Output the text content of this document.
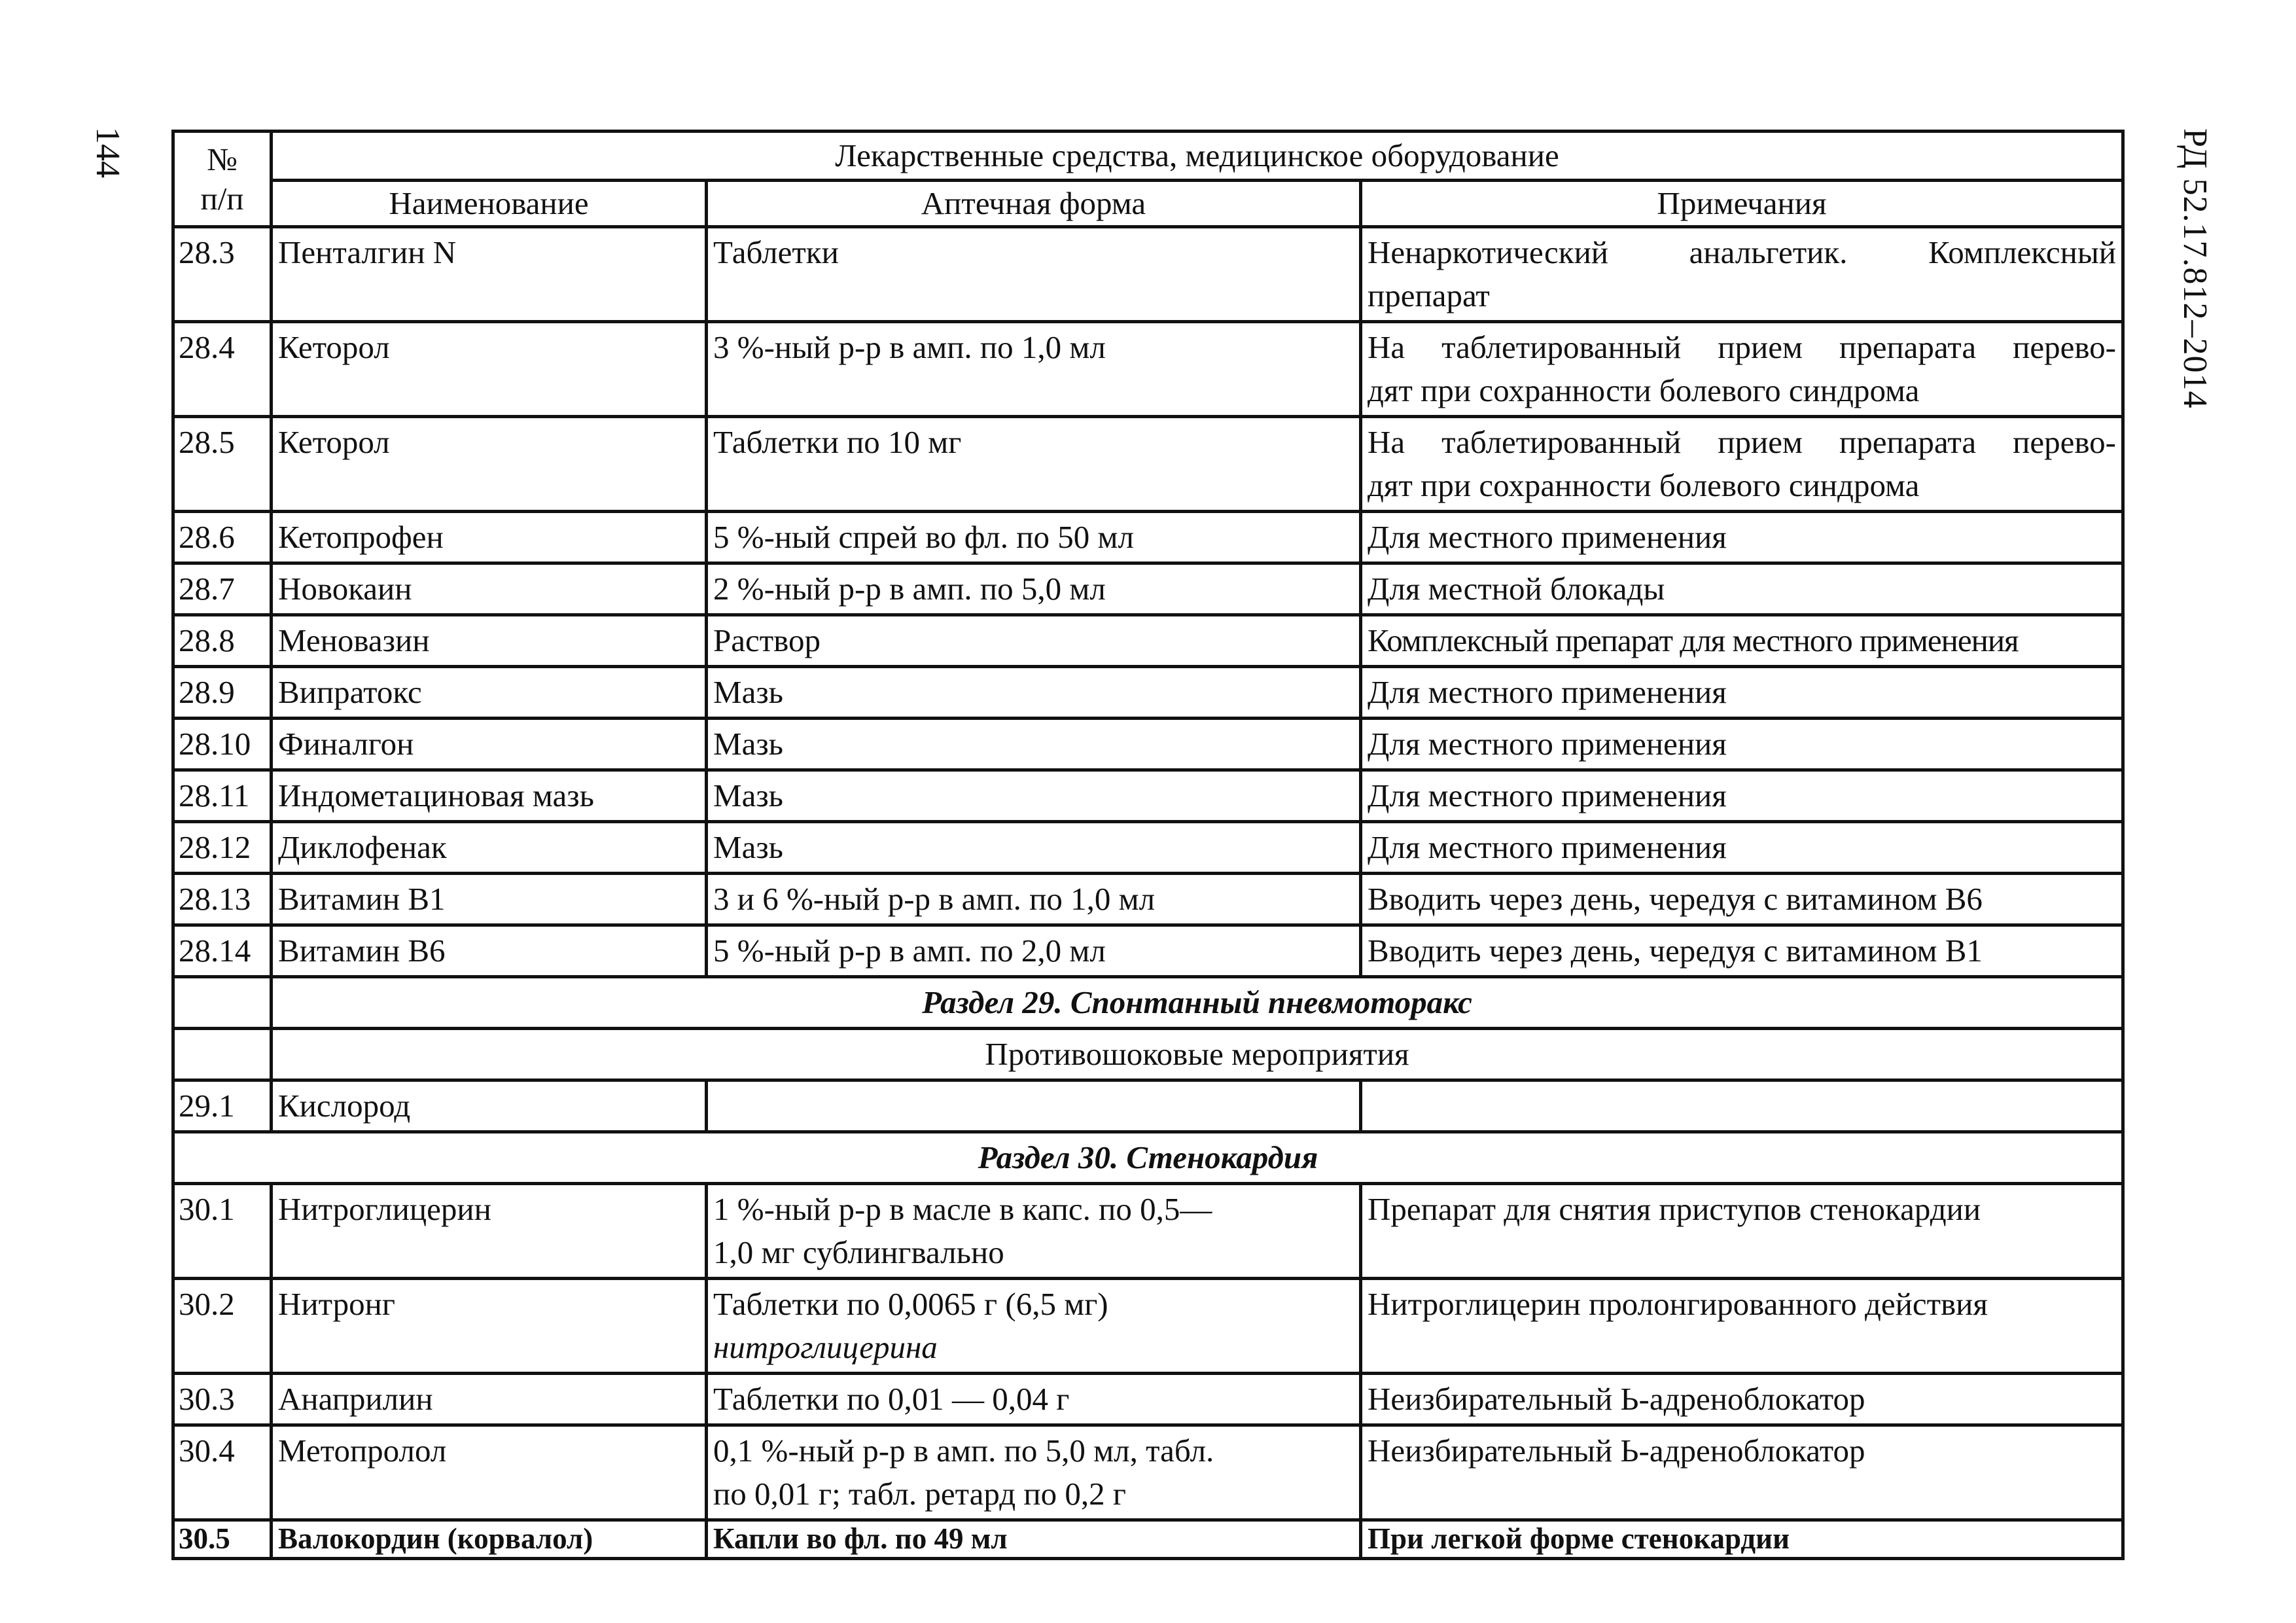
144	РД 52.17.812–2014
№
п/п	Лекарственные средства, медицинское оборудование		
	Наименование	Аптечная форма	Примечания
28.3	Пенталгин N	Таблетки	Ненаркотический анальгетик. Комплексный
препарат

28.4	Кеторол	3 %-ный р-р в амп. по 1,0 мл	На таблетированный прием препарата перево-
дят при сохранности болевого синдрома

28.5	Кеторол	Таблетки по 10 мг	На таблетированный прием препарата перево-
дят при сохранности болевого синдрома

28.6	Кетопрофен	5 %-ный спрей во фл. по 50 мл	Для местного применения
28.7	Новокаин	2 %-ный р-р в амп. по 5,0 мл	Для местной блокады
28.8	Меновазин	Раствор	Комплексный препарат для местного применения
28.9	Випратокс	Мазь	Для местного применения
28.10	Финалгон	Мазь	Для местного применения
28.11	Индометациновая мазь	Мазь	Для местного применения
28.12	Диклофенак	Мазь	Для местного применения
28.13	Витамин B1	3 и 6 %-ный р-р в амп. по 1,0 мл	Вводить через день, чередуя с витамином В6
28.14	Витамин В6	5 %-ный р-р в амп. по 2,0 мл	Вводить через день, чередуя с витамином В1
	Раздел 29. Спонтанный пневмоторакс		
	Противошоковые мероприятия		
29.1	Кислород		
Раздел 30. Стенокардия			
30.1	Нитроглицерин	1 %-ный р-р в масле в капс. по 0,5—
1,0 мг сублингвально	Препарат для снятия приступов стенокардии
30.2	Нитронг	Таблетки по 0,0065 г (6,5 мг)
нитроглицерина	Нитроглицерин пролонгированного действия
30.3	Анаприлин	Таблетки по 0,01 — 0,04 г	Неизбирательный Ь-адреноблокатор
30.4	Метопролол	0,1 %-ный р-р в амп. по 5,0 мл, табл.
по 0,01 г; табл. ретард по 0,2 г	Неизбирательный Ь-адреноблокатор
30.5	Валокордин (корвалол)	Капли во фл. по 49 мл	При легкой форме стенокардии
